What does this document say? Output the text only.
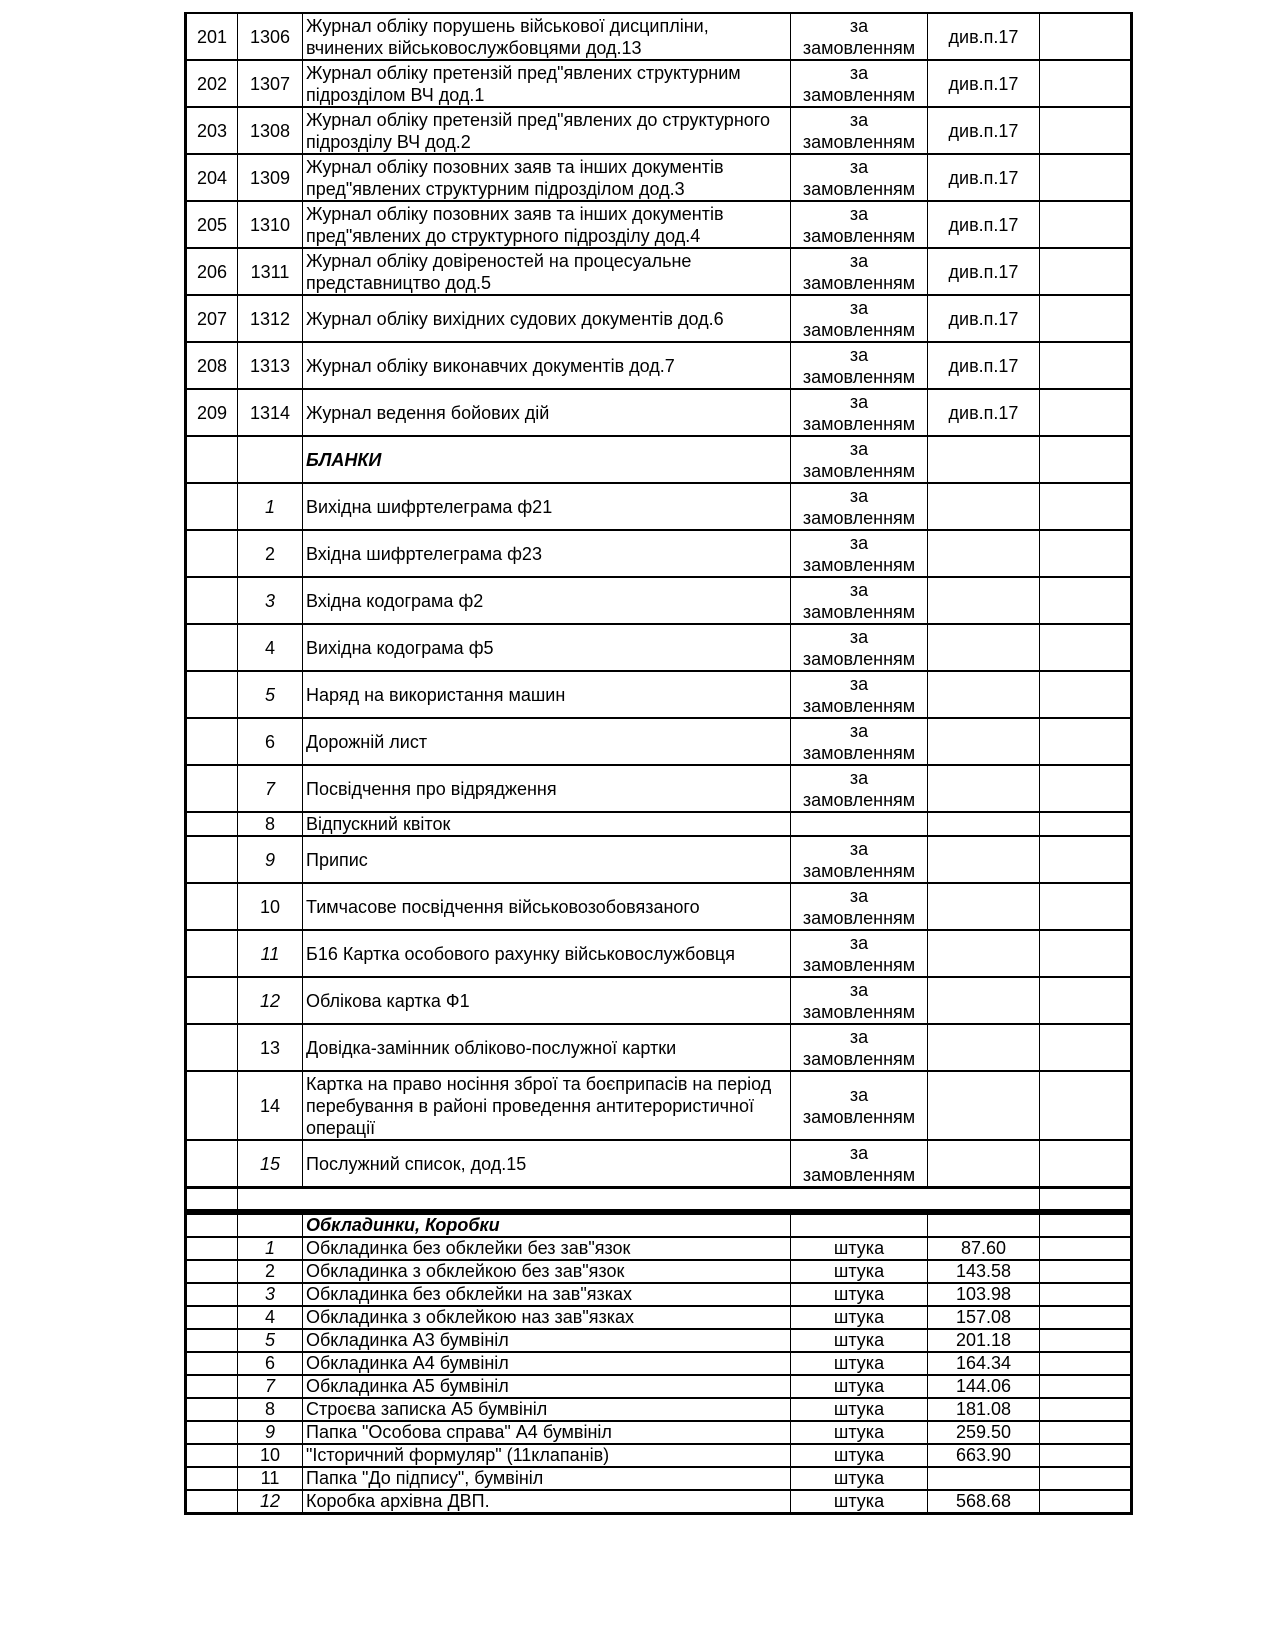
201	1306	Журнал обліку порушень військової дисципліни, вчинених військовослужбовцями дод.13	за замовленням	див.п.17	
202	1307	Журнал обліку претензій пред"явлених структурним підрозділом ВЧ дод.1	за замовленням	див.п.17	
203	1308	Журнал обліку претензій пред"явлених до структурного підрозділу ВЧ дод.2	за замовленням	див.п.17	
204	1309	Журнал обліку позовних заяв та інших документів пред"явлених структурним підрозділом дод.3	за замовленням	див.п.17	
205	1310	Журнал обліку позовних заяв та інших документів пред"явлених до структурного підрозділу дод.4	за замовленням	див.п.17	
206	1311	Журнал обліку довіреностей на процесуальне представництво дод.5	за замовленням	див.п.17	
207	1312	Журнал обліку вихідних судових документів дод.6	за замовленням	див.п.17	
208	1313	Журнал обліку виконавчих документів дод.7	за замовленням	див.п.17	
209	1314	Журнал ведення бойових дій	за замовленням	див.п.17	
		БЛАНКИ	за замовленням		
	1	Вихідна шифртелеграма ф21	за замовленням		
	2	Вхідна шифртелеграма ф23	за замовленням		
	3	Вхідна кодограма ф2	за замовленням		
	4	Вихідна кодограма ф5	за замовленням		
	5	Наряд на використання машин	за замовленням		
	6	Дорожній лист	за замовленням		
	7	Посвідчення про відрядження	за замовленням		
	8	Відпускний квіток			
	9	Припис	за замовленням		
	10	Тимчасове посвідчення військовозобовязаного	за замовленням		
	11	Б16 Картка особового рахунку військовослужбовця	за замовленням		
	12	Облікова картка Ф1	за замовленням		
	13	Довідка-замінник обліково-послужної картки	за замовленням		
	14	Картка на право носіння зброї та боєприпасів на період перебування в районі проведення антитерористичної операції	за замовленням		
	15	Послужний список, дод.15	за замовленням		

		Обкладинки, Коробки			
	1	Обкладинка без обклейки без зав"язок	штука	87.60	
	2	Обкладинка з обклейкою без зав"язок	штука	143.58	
	3	Обкладинка без обклейки на зав"язках	штука	103.98	
	4	Обкладинка з обклейкою наз зав"язках	штука	157.08	
	5	Обкладинка А3 бумвініл	штука	201.18	
	6	Обкладинка А4 бумвініл	штука	164.34	
	7	Обкладинка А5 бумвініл	штука	144.06	
	8	Строєва записка А5 бумвініл	штука	181.08	
	9	Папка "Особова справа" А4 бумвініл	штука	259.50	
	10	"Історичний формуляр" (11клапанів)	штука	663.90	
	11	Папка "До підпису", бумвініл	штука		
	12	Коробка архівна ДВП.	штука	568.68	
